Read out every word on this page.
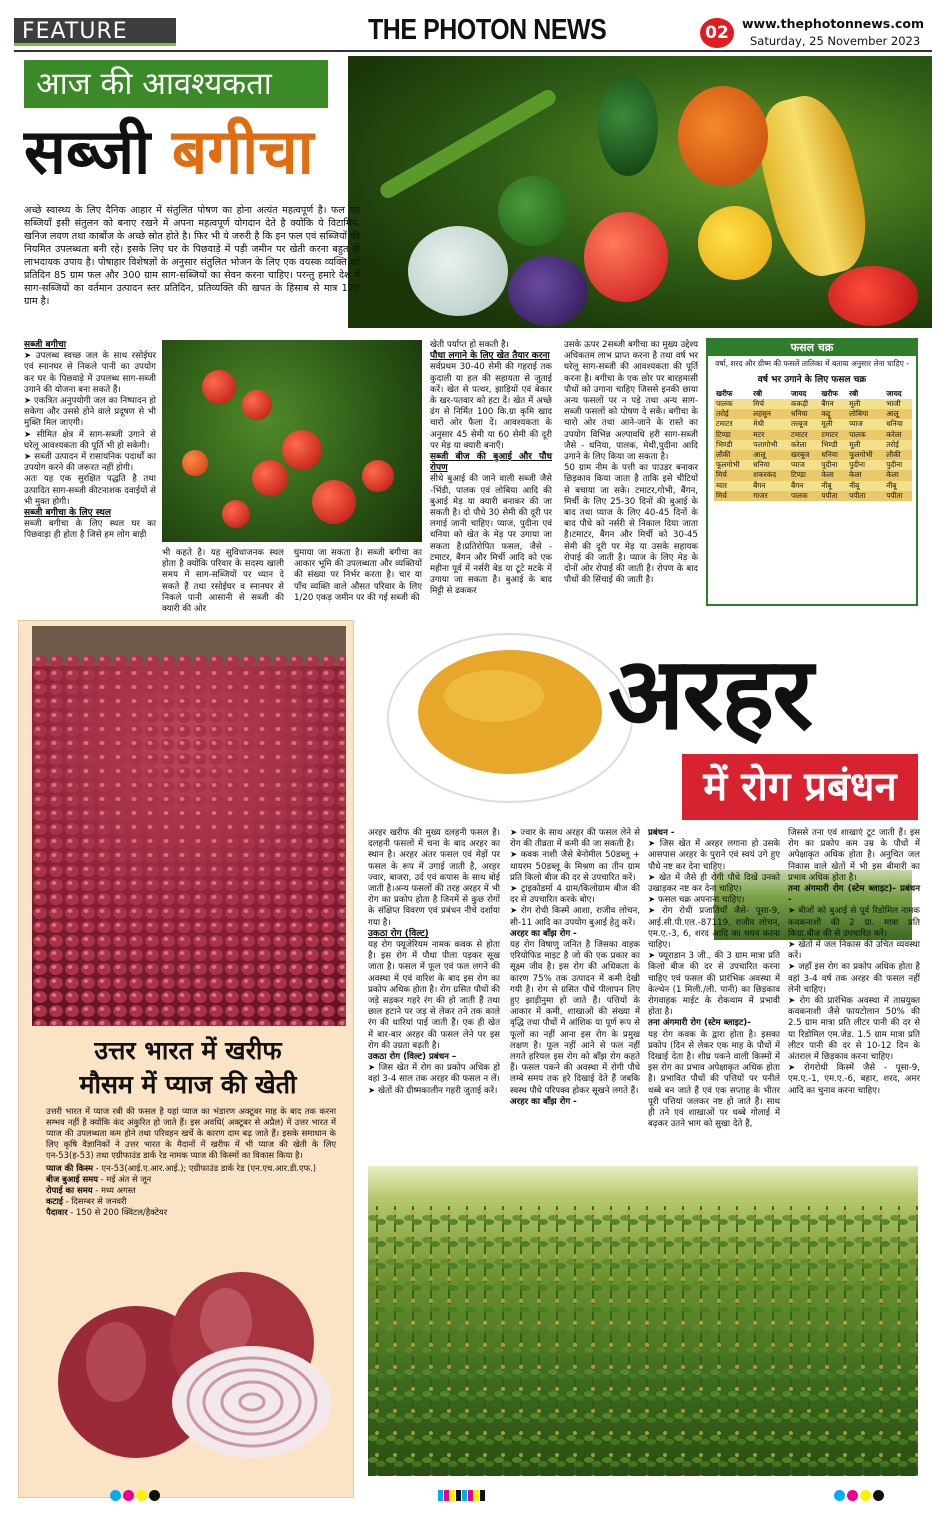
FEATURE	THE PHOTON NEWS	02	www.thephotonnews.com
Saturday, 25 November 2023
आज की आवश्यकता
सब्जी बगीचा
अच्छे स्वास्थ्य के लिए दैनिक आहार में संतुलित पोषण का होना अत्यंत महत्वपूर्ण है। फल एवं सब्जियाँ इसी संतुलन को बनाए रखने में अपना महत्वपूर्ण योगदान देते है क्योंकि ये विटामिन, खनिज लवण तथा कार्बोज के अच्छे स्रोत होते है। फिर भी ये जरुरी है कि इन फल एवं सब्जियों की नियमित उपलब्धता बनी रहे। इसके लिए घर के पिछवाड़े में पड़ी जमीन पर खेती करना बहुत ही लाभदायक उपाय है। पोषाहार विशेषज्ञों के अनुसार संतुलित भोजन के लिए एक वयस्क व्यक्ति को प्रतिदिन 85 ग्राम फल और 300 ग्राम साग-सब्जियों का सेवन करना चाहिए। परन्तु हमारे देश में साग-सब्जियों का वर्तमान उत्पादन स्तर प्रतिदिन, प्रतिव्यक्ति की खपत के हिसाब से मात्र 120 ग्राम है।
सब्जी बगीचा
➤ उपलब्ध स्वच्छ जल के साथ रसोईघर एवं स्नानघर से निकले पानी का उपयोग कर घर के पिछवाड़े में उपलब्ध साग-सब्जी उगाने की योजना बना सकते हैं।
➤ एकत्रित अनुपयोगी जल का निष्पादन हो सकेगा और उससे होने वाले प्रदूषण से भी मुक्ति मिल जाएगी।
➤ सीमित क्षेत्र में साग-सब्जी उगाने से घरेलू आवश्यकता की पूर्ति भी हो सकेगी।
➤ सब्जी उत्पादन में रासायनिक पदार्थों का उपयोग करने की जरूरत नहीं होगी।
अतः यह एक सुरक्षित पद्धति है तथा उत्पादित साग-सब्जी कीटनाशक दवाईयों से भी मुक्त होगी।
सब्जी बगीचा के लिए स्थल
सब्जी बगीचा के लिए स्थल घर का पिछवाड़ा ही होता है जिसे हम लोग बाड़ी
भी कहते है। यह सुविधाजनक स्थल होता है क्योंकि परिवार के सदस्य खाली समय में साग-सब्जियों पर ध्यान दे सकते हैं तथा रसोईघर व स्नानघर से निकले पानी आसानी से सब्जी की क्यारी की ओर
घुमाया जा सकता है। सब्जी बगीचा का आकार भूमि की उपलब्धता और व्यक्तियों की संख्या पर निर्भर करता है। चार या पाँच व्यक्ति वाले औसत परिवार के लिए 1/20 एकड़ जमीन पर की गई सब्जी की
खेती पर्याप्त हो सकती है।
पौधा लगाने के लिए खेत तैयार करना
सर्वप्रथम 30-40 सेमी की गहराई तक कुदाली या हल की सहायता से जुताई करें। खेत से पत्थर, झाड़ियों एवं बेकार के खर-पतवार को हटा दें। खेत में अच्छे ढंग से निर्मित 100 कि.ग्रा कृमि खाद चारों ओर फैला दें। आवश्यकता के अनुसार 45 सेमी या 60 सेमी की दूरी पर मेड़ या क्यारी बनाएँ।
सब्जी बीज की बुआई और पौध रोपण
सीधे बुआई की जाने वाली सब्जी जैसे -भिंडी, पालक एवं लोबिया आदि की बुआई मेड़ या क्यारी बनाकर की जा सकती है। दो पौधे 30 सेमी की दूरी पर लगाई जानी चाहिए। प्याज, पुदीना एवं धनिया को खेत के मेड़ पर उगाया जा सकता है।प्रतिरोपित फसल, जैसे - टमाटर, बैंगन और मिर्ची आदि को एक महीना पूर्व में नर्सरी बेड या टूटे मटके में उगाया जा सकता है। बुआई के बाद मिट्टी से ढककर
उसके ऊपर 2सब्जी बगीचा का मुख्य उद्देश्य अधिकतम लाभ प्राप्त करना है तथा वर्ष भर घरेलू साग-सब्जी की आवश्यकता की पूर्ति करना है। बगीचा के एक छोर पर बारहमासी पौधों को उगाना चाहिए जिससे इनकी छाया अन्य फसलों पर न पड़े तथा अन्य साग-सब्जी फसलों को पोषण दे सकें। बगीचा के चारो ओर तथा आने-जाने के रास्ते का उपयोग विभिन्न अल्पावधि हरी साग-सब्जी जैसे - धनिया, पालक, मेथी,पुदीना आदि उगाने के लिए किया जा सकता है।
50 ग्राम नीम के पत्ती का पाउडर बनाकर छिड़काव किया जाता है ताकि इसे चीटियों से बचाया जा सके। टमाटर,गोभी, बैंगन, मिर्ची के लिए 25-30 दिनों की बुआई के बाद तथा प्याज के लिए 40-45 दिनों के बाद पौधे को नर्सरी से निकाल दिया जाता है।टमाटर, बैंगन और मिर्ची को 30-45 सेमी की दूरी पर मेड़ या उसके सहायक रोपाई की जाती है। प्याज के लिए मेड़ के दोनों ओर रोपाई की जाती है। रोपण के बाद पौधों की सिंचाई की जाती है।
फसल चक्र
वर्षा, शरद और ग्रीष्म की फसलें तालिका में बताया अनुसार लेना चाहिए -
वर्ष भर उगाने के लिए फसल चक्र
खरीफ	रबी	जायद	खरीफ	रबी	जायद
पालक	मिर्च	ककड़ी	बैंगन	मूली	भाजी
तरोई	लहसुन	धनिया	कद्दू	लोबिया	आलू
टमाटर	मेथी	तरबूज	मूली	प्याज	धनिया
टिण्डा	मटर	टमाटर	टमाटर	पालक	करेला
भिण्डी	पत्तागोभी	करेला	भिण्डी	मूली	तरोई
लौकी	आलू	खरबूज	धनिया	फूलगोभी	लौकी
फूलगोभी	धनिया	प्याज	पुदीना	पुदीना	पुदीना
मिर्च	शकरकंद	टिण्डा	केला	केला	केला
ग्वार	बैंगन	बैंगन	नींबू	नींबू	नींबू
मिर्च	गाजर	पालक	पपीता	पपीता	पपीता
उत्तर भारत में खरीफ
मौसम में प्याज की खेती
उत्तरी भारत में प्याज रबी की फसल है यहां प्याज का भंडारण अक्टूबर माह के बाद तक करना सम्भव नहीं है क्योंकि कंद अंकुरित हो जाते हैं। इस अवधि( अक्टूबर से अप्रैल) में उत्तर भारत में प्याज की उपलब्धता कम होने तथा परिवहन खर्चे के कारण दाम बढ़ जाते हैं। इसके समाधान के लिए कृषि वैज्ञानिकों ने उत्तर भारत के मैदानों में खरीफ में भी प्याज की खेती के लिए एन-53(ह-53) तथा एग्रीफाउंड डार्क रेड नामक प्याज की किस्मों का विकास किया है।
प्याज की किस्म - एन-53(आई.ए.आर.आई.); एग्रीफाउंड डार्क रेड (एन.एच.आर.डी.एफ.)
बीज बुआई समय - मई अंत से जून
रोपाई का समय - मध्य अगस्त
कटाई - दिसम्बर से जनवरी
पैदावार - 150 से 200 क्विंटल/हैक्टेयर
अरहर
में रोग प्रबंधन
अरहर खरीफ की मुख्य दलहनी फसल है। दलहनी फसलों में चना के बाद अरहर का स्थान है। अरहर अंतर फसल एवं मेड़ों पर फसल के रूप में उगाई जाती है, अरहर ज्वार, बाजरा, उर्द एवं कपास के साथ बोई जाती है।अन्य फसलों की तरह अरहर में भी रोग का प्रकोप होता है जिनमें से कुछ रोगों के संक्षिप्त विवरण एवं प्रबंधन नीचे दर्शाया गया है।
उकठा रोग (विल्ट)
यह रोग फ्यूजेरियम नामक कवक से होता है। इस रोग में पौधा पीला पड़कर सूख जाता है। फसल में फूल एवं फल लगने की अवस्था में एवं वारिश के बाद इस रोग का प्रकोप अधिक होता है। रोग ग्रसित पौधों की जड़े सड़कर गहरे रंग की हो जाती हैं तथा छाल हटाने पर जड़ से लेकर तने तक काले रंग की धारियां पाई जाती हैं। एक ही खेत में बार-बार अरहर की फसल लेने पर इस रोग की उग्रता बढ़ती है।
उकठा रोग (विल्ट) प्रबंधन –
➤ जिस खेत में रोग का प्रकोप अधिक हो वहां 3-4 साल तक अरहर की फसल न लें।
➤ खेतों की ग्रीष्मकालीन गहरी जुताई करें।
➤ ज्वार के साथ अरहर की फसल लेने से रोग की तीव्रता में कमी की जा सकती है।
➤ कवक नाशी जैसे बेनोमील 50डब्लू + थायरम 50डब्लू के मिश्रण का तीन ग्राम प्रति किलो बीज की दर से उपचारित करें।
➤ ट्राइकोडर्मा 4 ग्राम/किलोग्राम बीज की दर से उपचारित करके बोए।
➤ रोग रोधी किस्में आशा, राजीव लोचन, सी-11 आदि का उपयोग बुआई हेतु करें।
अरहर का बाँझ रोग -
यह रोग विषाणु जनित है जिसका वाहक एरियोफिड माइट है जो की एक प्रकार का सूक्ष्म जीव है। इस रोग की अधिकता के कारण 75% तक उत्पादन में कमी देखी गयी है। रोग से ग्रसित पौधे पीलापन लिए हुए झाड़ीनुमा हो जाते हैं। पत्तियों के आकार में कमी, शाखाओं की संख्या में वृद्धि तथा पौधों में आंशिक या पूर्ण रूप से फूलों का नहीं आना इस रोग के प्रमुख लक्षण है। फूल नहीं आने से फल नहीं लगते हरियल इस रोग को बाँझ रोग कहते हैं। फसल पकने की अवस्था में रोगी पौधे लम्बे समय तक हरे दिखाई देते हैं जबकि स्वस्थ पौधे परिपक्व होकर सूखने लगते हैं।
अरहर का बाँझ रोग -
प्रबंधन -
➤ जिस खेत में अरहर लगाना हो उसके आसपास अरहर के पुराने एवं स्वयं उगे हुए पौधे नष्ट कर देना चाहिए।
➤ खेत में जैसे ही रोगी पौधे दिखें उनको उखाड़कर नष्ट कर देना चाहिए।
➤ फसल चक्र अपनाना चाहिए।
➤ रोग रोधी प्रजातियाँ जैसे- पूसा-9, आई.सी.पी.एल.-87119, राजीव लोचन, एम.ए.-3, 6, शरद आदि का चयन करना चाहिए।
➤ फ्यूराडान 3 जी., की 3 ग्राम मात्रा प्रति किलो बीज की दर से उपचारित करना चाहिए एवं फसल की प्रारंभिक अवस्था में केल्थेन (1 मिली./ली. पानी) का छिड़काव रोगवाहक माईट के रोकथाम में प्रभावी होता है।
तना अंगमारी रोग (स्टेम ब्लाइट)-
यह रोग कवक के द्वारा होता है। इसका प्रकोप (दिन से लेकर एक माह के पौधों में दिखाई देता है। शीघ्र पकने वाली किस्मों में इस रोग का प्रभाव अपेक्षाकृत अधिक होता है। प्रभावित पौधों की पत्तियों पर पनीले धब्बे बन जाते हैं एवं एक सप्ताह के भीतर पूरी पत्तियां जलकर नष्ट हो जाते हैं। साथ ही तने एवं शाखाओं पर धब्बे गोलाई में बढ़कर उतने भाग को सुखा देते हैं,
जिससे तना एवं शाखाएं टूट जाती हैं। इस रोग का प्रकोप कम उम्र के पौधों में अपेक्षाकृत अधिक होता है। अनुचित जल निकास वाले खेतों में भी इस बीमारी का प्रभाव अधिक होता है।
तना अंगमारी रोग (स्टेम ब्लाइट)- प्रबंधन -
➤ बीजों को बुआई से पूर्व रिडोमिल नामक कवकनाशी की 2 ग्रा. मात्रा प्रति किग्रा.बीज की से उपचारित करें।
➤ खेतों में जल निकास की उचित व्यवस्था करें।
➤ जहाँ इस रोग का प्रकोप अधिक होता है वहां 3-4 वर्ष तक अरहर की फसल नहीं लेनी चाहिए।
➤ रोग की प्रारंभिक अवस्था में ताम्रयुक्त कवकनाशी जैसे फायटोलान 50% की 2.5 ग्राम मात्रा प्रति लीटर पानी की दर से या रिडोमिल एम.जेड. 1.5 ग्राम मात्रा प्रति लीटर पानी की दर से 10-12 दिन के अंतराल में छिड़काव करना चाहिए।
➤ रोगरोधी किस्में जैसे - पूसा-9, एम.ए.-1, एम.ए.-6, बहार, शरद, अमर आदि का चुनाव करना चाहिए।
